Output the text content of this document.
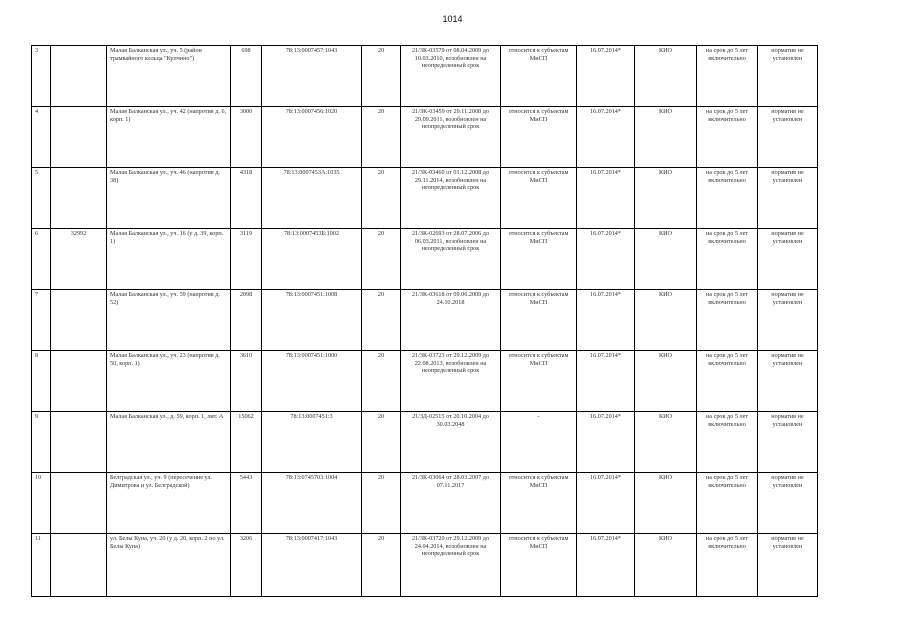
1014
3		Малая Балканская ул., уч. 5 (район трамвайного кольца "Купчино")	698	78:13:0007457:1043	20	21/ЗК-03579 от 08.04.2009 до 10.03.2010, возобновлен на неопределенный срок	относится к субъектам МиСП	16.07.2014*	КИО	на срок до 5 лет включительно	норматив не установлен
4		Малая Балканская ул., уч. 42 (напротив д. 6, корп. 1)	3000	78:13:0007456:1020	20	21/ЗК-03459 от 29.11.2008 до 29.09.2011, возобновлен на неопределенный срок	относится к субъектам МиСП	16.07.2014*	КИО	на срок до 5 лет включительно	норматив не установлен
5		Малая Балканская ул., уч. 46 (напротив д. 38)	4318	78:13:0007453А:1035	20	21/ЗК-03460 от 01.12.2008 до 29.11.2014, возобновлен на неопределенный срок	относится к субъектам МиСП	16.07.2014*	КИО	на срок до 5 лет включительно	норматив не установлен
6	32992	Малая Балканская ул., уч. 16 (у д. 39, корп. 1)	3119	78:13:0007453Б:1002	20	21/ЗК-02693 от 28.07.2006 до 06.03.2011, возобновлен на неопределенный срок	относится к субъектам МиСП	16.07.2014*	КИО	на срок до 5 лет включительно	норматив не установлен
7		Малая Балканская ул., уч. 59 (напротив д. 52)	2098	78:13:0007451:1008	20	21/ЗК-03618 от 09.06.2009 до 24.10.2018	относится к субъектам МиСП	16.07.2014*	КИО	на срок до 5 лет включительно	норматив не установлен
8		Малая Балканская ул., уч. 23 (напротив д. 50, корп. 1)	3610	78:13:0007451:1000	20	21/ЗК-03723 от 29.12.2009 до 22.08.2013, возобновлен на неопределенный срок	относится к субъектам МиСП	16.07.2014*	КИО	на срок до 5 лет включительно	норматив не установлен
9		Малая Балканская ул., д. 59, корп. 1, лит. А	15062	78:13:0007451:3	20	21/ЗД-02515 от 20.10.2004 до 30.03.2048	-	16.07.2014*	КИО	на срок до 5 лет включительно	норматив не установлен
10		Белградская ул., уч. 9 (пересечение ул. Димитрова и ул. Белградской)	5443	78:13:0745703:1004	20	21/ЗК-03064 от 28.03.2007 до 07.11.2017	относится к субъектам МиСП	16.07.2014*	КИО	на срок до 5 лет включительно	норматив не установлен
11		ул. Белы Куна, уч. 20 (у д. 20, корп. 2 по ул. Белы Куна)	3206	78:13:0007417:1043	20	21/ЗК-03720 от 29.12.2009 до 24.04.2014, возобновлен на неопределенный срок	относится к субъектам МиСП	16.07.2014*	КИО	на срок до 5 лет включительно	норматив не установлен
